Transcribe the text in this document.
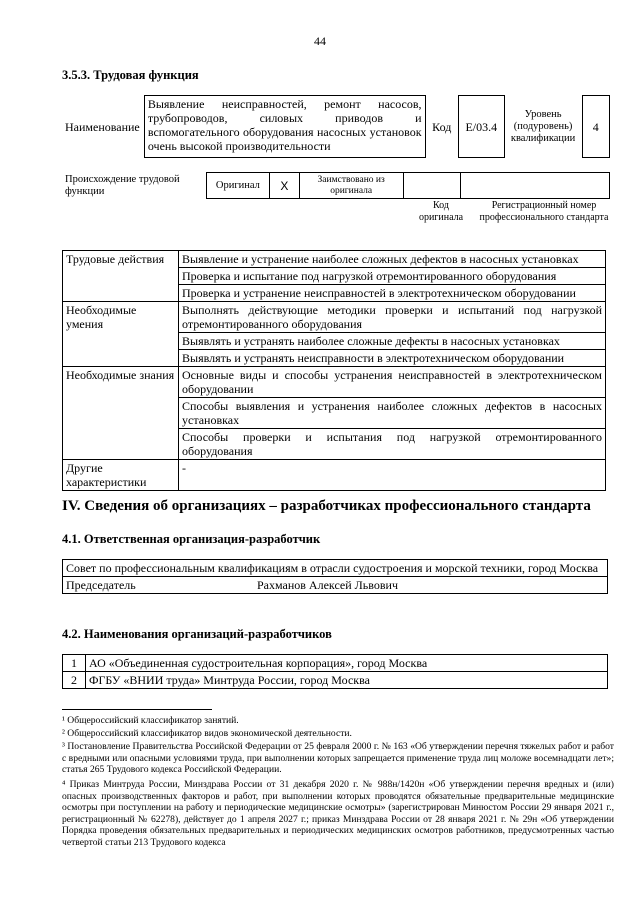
44
3.5.3. Трудовая функция
Наименование	Выявление неисправностей, ремонт насосов, трубопроводов, силовых приводов и вспомогательного оборудования насосных установок очень высокой производительности	Код	E/03.4	Уровень (подуровень) квалификации	4
Происхождение трудовой функции	Оригинал	X	Заимствовано из оригинала		
Код оригинала
Регистрационный номер профессионального стандарта
Трудовые действия	Выявление и устранение наиболее сложных дефектов в насосных установках
	Проверка и испытание под нагрузкой отремонтированного оборудования
	Проверка и устранение неисправностей в электротехническом оборудовании
Необходимые умения	Выполнять действующие методики проверки и испытаний под нагрузкой отремонтированного оборудования
	Выявлять и устранять наиболее сложные дефекты в насосных установках
	Выявлять и устранять неисправности в электротехническом оборудовании
Необходимые знания	Основные виды и способы устранения неисправностей в электротехническом оборудовании
	Способы выявления и устранения наиболее сложных дефектов в насосных установках
	Способы проверки и испытания под нагрузкой отремонтированного оборудования
Другие характеристики	-
IV. Сведения об организациях – разработчиках профессионального стандарта
4.1. Ответственная организация-разработчик
Совет по профессиональным квалификациям в отрасли судостроения и морской техники, город Москва
Председатель	Рахманов Алексей Львович
4.2. Наименования организаций-разработчиков
1	АО «Объединенная судостроительная корпорация», город Москва
2	ФГБУ «ВНИИ труда» Минтруда России, город Москва
¹ Общероссийский классификатор занятий.
² Общероссийский классификатор видов экономической деятельности.
³ Постановление Правительства Российской Федерации от 25 февраля 2000 г. № 163 «Об утверждении перечня тяжелых работ и работ с вредными или опасными условиями труда, при выполнении которых запрещается применение труда лиц моложе восемнадцати лет»; статья 265 Трудового кодекса Российской Федерации.
⁴ Приказ Минтруда России, Минздрава России от 31 декабря 2020 г. № 988н/1420н «Об утверждении перечня вредных и (или) опасных производственных факторов и работ, при выполнении которых проводятся обязательные предварительные медицинские осмотры при поступлении на работу и периодические медицинские осмотры» (зарегистрирован Минюстом России 29 января 2021 г., регистрационный № 62278), действует до 1 апреля 2027 г.; приказ Минздрава России от 28 января 2021 г. № 29н «Об утверждении Порядка проведения обязательных предварительных и периодических медицинских осмотров работников, предусмотренных частью четвертой статьи 213 Трудового кодекса
